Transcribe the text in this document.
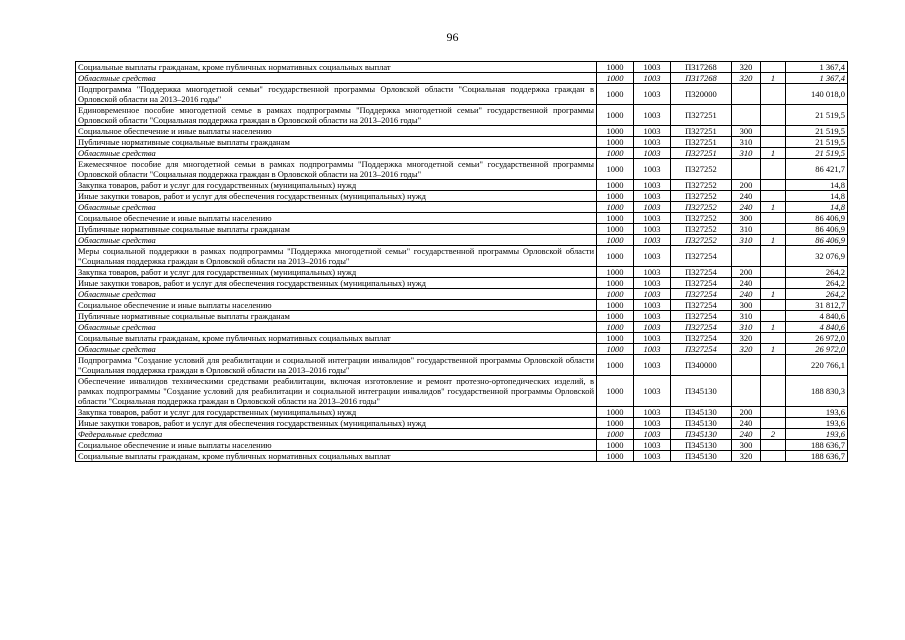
96
Социальные выплаты гражданам, кроме публичных нормативных социальных выплат	1000	1003	П317268	320		1 367,4
Областные средства	1000	1003	П317268	320	1	1 367,4
Подпрограмма "Поддержка многодетной семьи" государственной программы Орловской области "Социальная поддержка граждан в Орловской области на 2013–2016 годы"	1000	1003	П320000			140 018,0
Единовременное пособие многодетной семье в рамках подпрограммы "Поддержка многодетной семьи" государственной программы Орловской области "Социальная поддержка граждан в Орловской области на 2013–2016 годы"	1000	1003	П327251			21 519,5
Социальное обеспечение и иные выплаты населению	1000	1003	П327251	300		21 519,5
Публичные нормативные социальные выплаты гражданам	1000	1003	П327251	310		21 519,5
Областные средства	1000	1003	П327251	310	1	21 519,5
Ежемесячное пособие для многодетной семьи в рамках подпрограммы "Поддержка многодетной семьи" государственной программы Орловской области "Социальная поддержка граждан в Орловской области на 2013–2016 годы"	1000	1003	П327252			86 421,7
Закупка товаров, работ и услуг для государственных (муниципальных) нужд	1000	1003	П327252	200		14,8
Иные закупки товаров, работ и услуг для обеспечения государственных (муниципальных) нужд	1000	1003	П327252	240		14,8
Областные средства	1000	1003	П327252	240	1	14,8
Социальное обеспечение и иные выплаты населению	1000	1003	П327252	300		86 406,9
Публичные нормативные социальные выплаты гражданам	1000	1003	П327252	310		86 406,9
Областные средства	1000	1003	П327252	310	1	86 406,9
Меры социальной поддержки в рамках подпрограммы "Поддержка многодетной семьи" государственной программы Орловской области "Социальная поддержка граждан в Орловской области на 2013–2016 годы"	1000	1003	П327254			32 076,9
Закупка товаров, работ и услуг для государственных (муниципальных) нужд	1000	1003	П327254	200		264,2
Иные закупки товаров, работ и услуг для обеспечения государственных (муниципальных) нужд	1000	1003	П327254	240		264,2
Областные средства	1000	1003	П327254	240	1	264,2
Социальное обеспечение и иные выплаты населению	1000	1003	П327254	300		31 812,7
Публичные нормативные социальные выплаты гражданам	1000	1003	П327254	310		4 840,6
Областные средства	1000	1003	П327254	310	1	4 840,6
Социальные выплаты гражданам, кроме публичных нормативных социальных выплат	1000	1003	П327254	320		26 972,0
Областные средства	1000	1003	П327254	320	1	26 972,0
Подпрограмма "Создание условий для реабилитации и социальной интеграции инвалидов" государственной программы Орловской области "Социальная поддержка граждан в Орловской области на 2013–2016 годы"	1000	1003	П340000			220 766,1
Обеспечение инвалидов техническими средствами реабилитации, включая изготовление и ремонт протезно-ортопедических изделий, в рамках подпрограммы "Создание условий для реабилитации и социальной интеграции инвалидов" государственной программы Орловской области "Социальная поддержка граждан в Орловской области на 2013–2016 годы"	1000	1003	П345130			188 830,3
Закупка товаров, работ и услуг для государственных (муниципальных) нужд	1000	1003	П345130	200		193,6
Иные закупки товаров, работ и услуг для обеспечения государственных (муниципальных) нужд	1000	1003	П345130	240		193,6
Федеральные средства	1000	1003	П345130	240	2	193,6
Социальное обеспечение и иные выплаты населению	1000	1003	П345130	300		188 636,7
Социальные выплаты гражданам, кроме публичных нормативных социальных выплат	1000	1003	П345130	320		188 636,7
